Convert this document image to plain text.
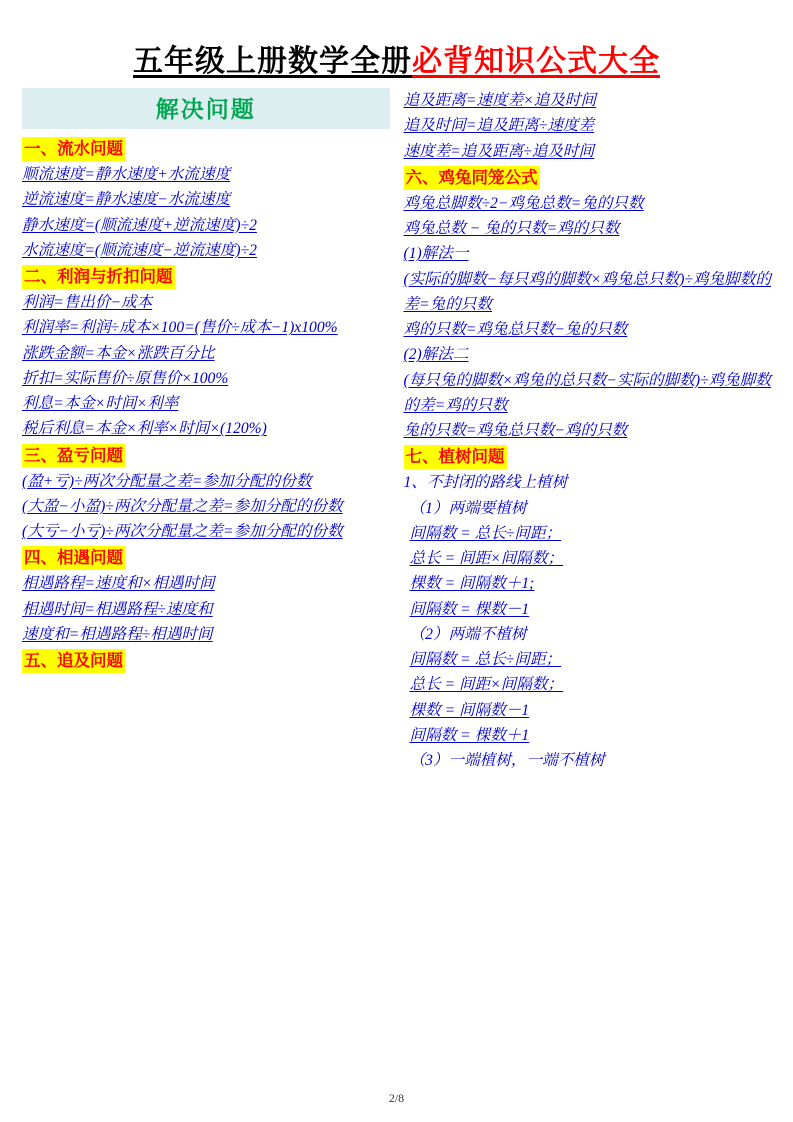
五年级上册数学全册 必背知识公式大全
解决问题
一、流水问题
顺流速度=静水速度+水流速度
逆流速度=静水速度−水流速度
静水速度=(顺流速度+逆流速度)÷2
水流速度=(顺流速度−逆流速度)÷2
二、利润与折扣问题
利润=售出价−成本
利润率=利润÷成本×100=(售价÷成本−1)x100%
涨跌金额=本金×涨跌百分比
折扣=实际售价÷原售价×100%
利息=本金×时间×利率
税后利息=本金×利率×时间×(120%)
三、盈亏问题
(盈+亏)÷两次分配量之差=参加分配的份数
(大盈−小盈)÷两次分配量之差=参加分配的份数
(大亏−小亏)÷两次分配量之差=参加分配的份数
四、相遇问题
相遇路程=速度和×相遇时间
相遇时间=相遇路程÷速度和
速度和=相遇路程÷相遇时间
五、追及问题
追及距离=速度差×追及时间
追及时间=追及距离÷速度差
速度差=追及距离÷追及时间
六、鸡兔同笼公式
鸡兔总脚数÷2−鸡兔总数=兔的只数
鸡兔总数 − 兔的只数=鸡的只数
(1)解法一
(实际的脚数−每只鸡的脚数×鸡兔总只数)÷鸡兔脚数的差=兔的只数
鸡的只数=鸡兔总只数−兔的只数
(2)解法二
(每只兔的脚数×鸡兔的总只数−实际的脚数)÷鸡兔脚数的差=鸡的只数
兔的只数=鸡兔总只数−鸡的只数
七、植树问题
1、不封闭的路线上植树
（1）两端要植树
间隔数 = 总长÷间距；
总长 = 间距×间隔数；
棵数 = 间隔数＋1;
间隔数 = 棵数－1
（2）两端不植树
间隔数 = 总长÷间距；
总长 = 间距×间隔数；
棵数 = 间隔数－1
间隔数 = 棵数＋1
（3）一端植树，一端不植树
2/8
